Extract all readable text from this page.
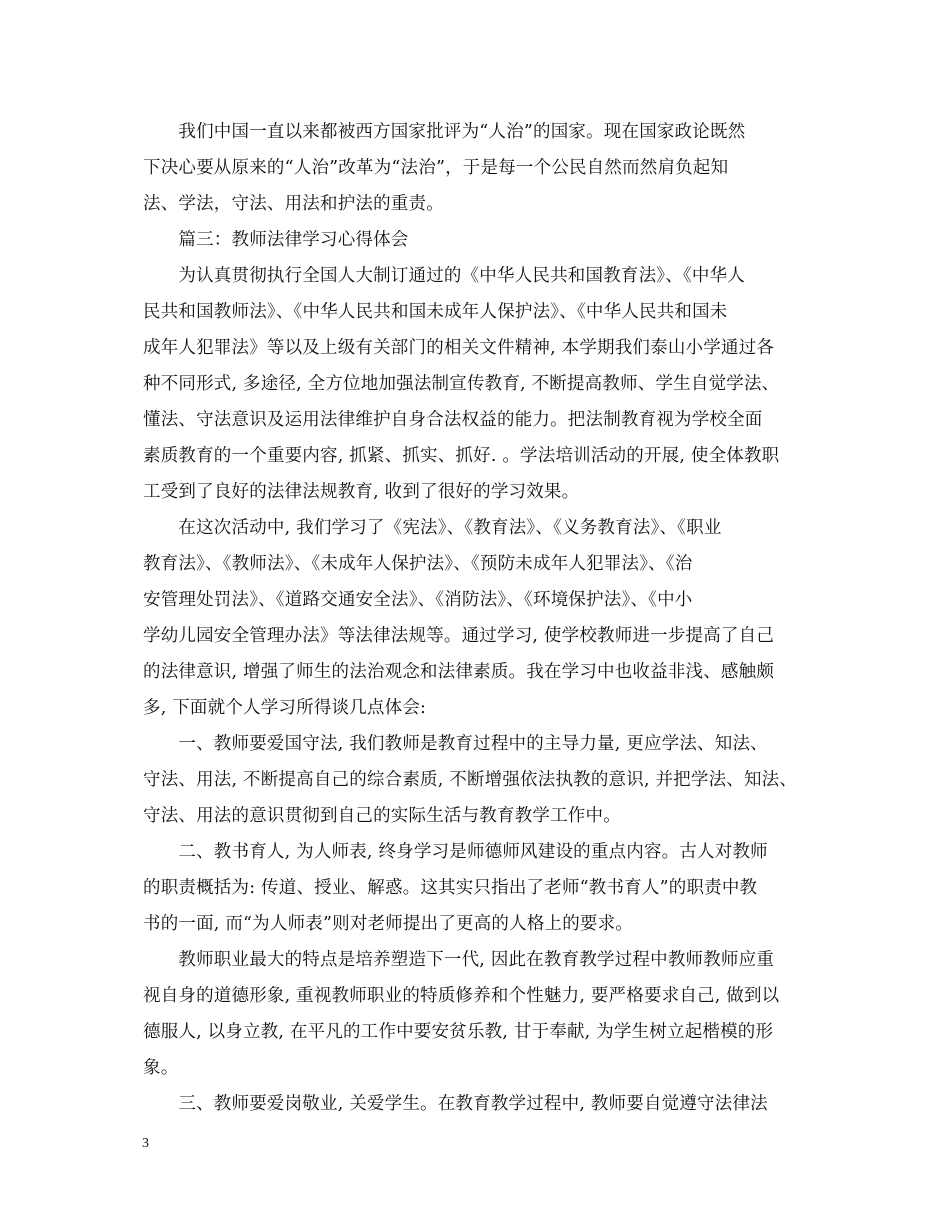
　　我们中国一直以来都被西方国家批评为“人治”的国家。现在国家政论既然
下决心要从原来的“人治”改革为“法治”，于是每一个公民自然而然肩负起知
法、学法，守法、用法和护法的重责。
　　篇三：教师法律学习心得体会
　　为认真贯彻执行全国人大制订通过的《中华人民共和国教育法》、《中华人
民共和国教师法》、《中华人民共和国未成年人保护法》、《中华人民共和国未
成年人犯罪法》等以及上级有关部门的相关文件精神, 本学期我们泰山小学通过各
种不同形式, 多途径, 全方位地加强法制宣传教育, 不断提高教师、学生自觉学法、
懂法、守法意识及运用法律维护自身合法权益的能力。把法制教育视为学校全面
素质教育的一个重要内容, 抓紧、抓实、抓好. 。学法培训活动的开展, 使全体教职
工受到了良好的法律法规教育, 收到了很好的学习效果。
　　在这次活动中, 我们学习了《宪法》、《教育法》、《义务教育法》、《职业
教育法》、《教师法》、《未成年人保护法》、《预防未成年人犯罪法》、《治
安管理处罚法》、《道路交通安全法》、《消防法》、《环境保护法》、《中小
学幼儿园安全管理办法》等法律法规等。通过学习, 使学校教师进一步提高了自己
的法律意识, 增强了师生的法治观念和法律素质。我在学习中也收益非浅、感触颇
多, 下面就个人学习所得谈几点体会:
　　一、教师要爱国守法, 我们教师是教育过程中的主导力量, 更应学法、知法、
守法、用法, 不断提高自己的综合素质, 不断增强依法执教的意识, 并把学法、知法、
守法、用法的意识贯彻到自己的实际生活与教育教学工作中。
　　二、教书育人, 为人师表, 终身学习是师德师风建设的重点内容。古人对教师
的职责概括为: 传道、授业、解惑。这其实只指出了老师“教书育人”的职责中教
书的一面, 而“为人师表”则对老师提出了更高的人格上的要求。
　　教师职业最大的特点是培养塑造下一代, 因此在教育教学过程中教师教师应重
视自身的道德形象, 重视教师职业的特质修养和个性魅力, 要严格要求自己, 做到以
德服人, 以身立教, 在平凡的工作中要安贫乐教, 甘于奉献, 为学生树立起楷模的形
象。
　　三、教师要爱岗敬业, 关爱学生。在教育教学过程中, 教师要自觉遵守法律法
3
